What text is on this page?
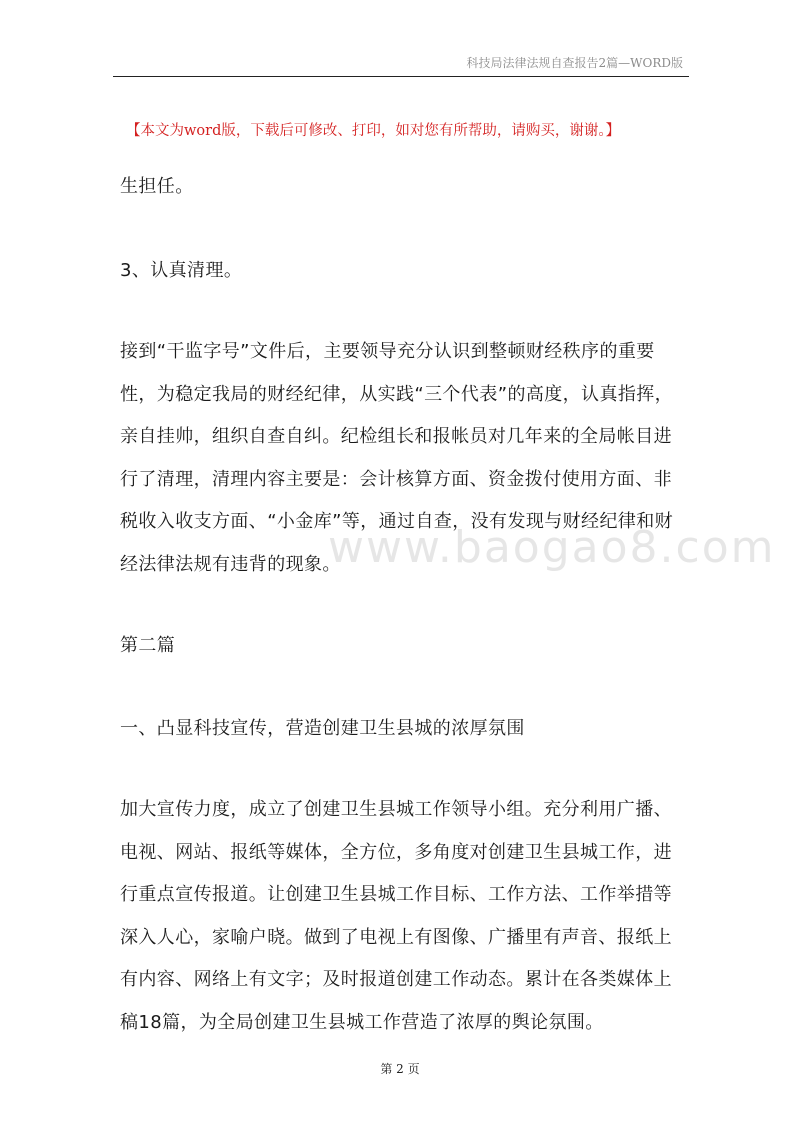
科技局法律法规自查报告2篇—WORD版
【本文为word版，下载后可修改、打印，如对您有所帮助，请购买，谢谢。】
生担任。
3、认真清理。
接到“干监字号”文件后，主要领导充分认识到整顿财经秩序的重要
性，为稳定我局的财经纪律，从实践“三个代表”的高度，认真指挥，
亲自挂帅，组织自查自纠。纪检组长和报帐员对几年来的全局帐目进
行了清理，清理内容主要是：会计核算方面、资金拨付使用方面、非
税收入收支方面、“小金库”等，通过自查，没有发现与财经纪律和财
经法律法规有违背的现象。
www.baogao8.com
第二篇
一、凸显科技宣传，营造创建卫生县城的浓厚氛围
加大宣传力度，成立了创建卫生县城工作领导小组。充分利用广播、
电视、网站、报纸等媒体，全方位，多角度对创建卫生县城工作，进
行重点宣传报道。让创建卫生县城工作目标、工作方法、工作举措等
深入人心，家喻户晓。做到了电视上有图像、广播里有声音、报纸上
有内容、网络上有文字；及时报道创建工作动态。累计在各类媒体上
稿18篇，为全局创建卫生县城工作营造了浓厚的舆论氛围。
第 2 页
